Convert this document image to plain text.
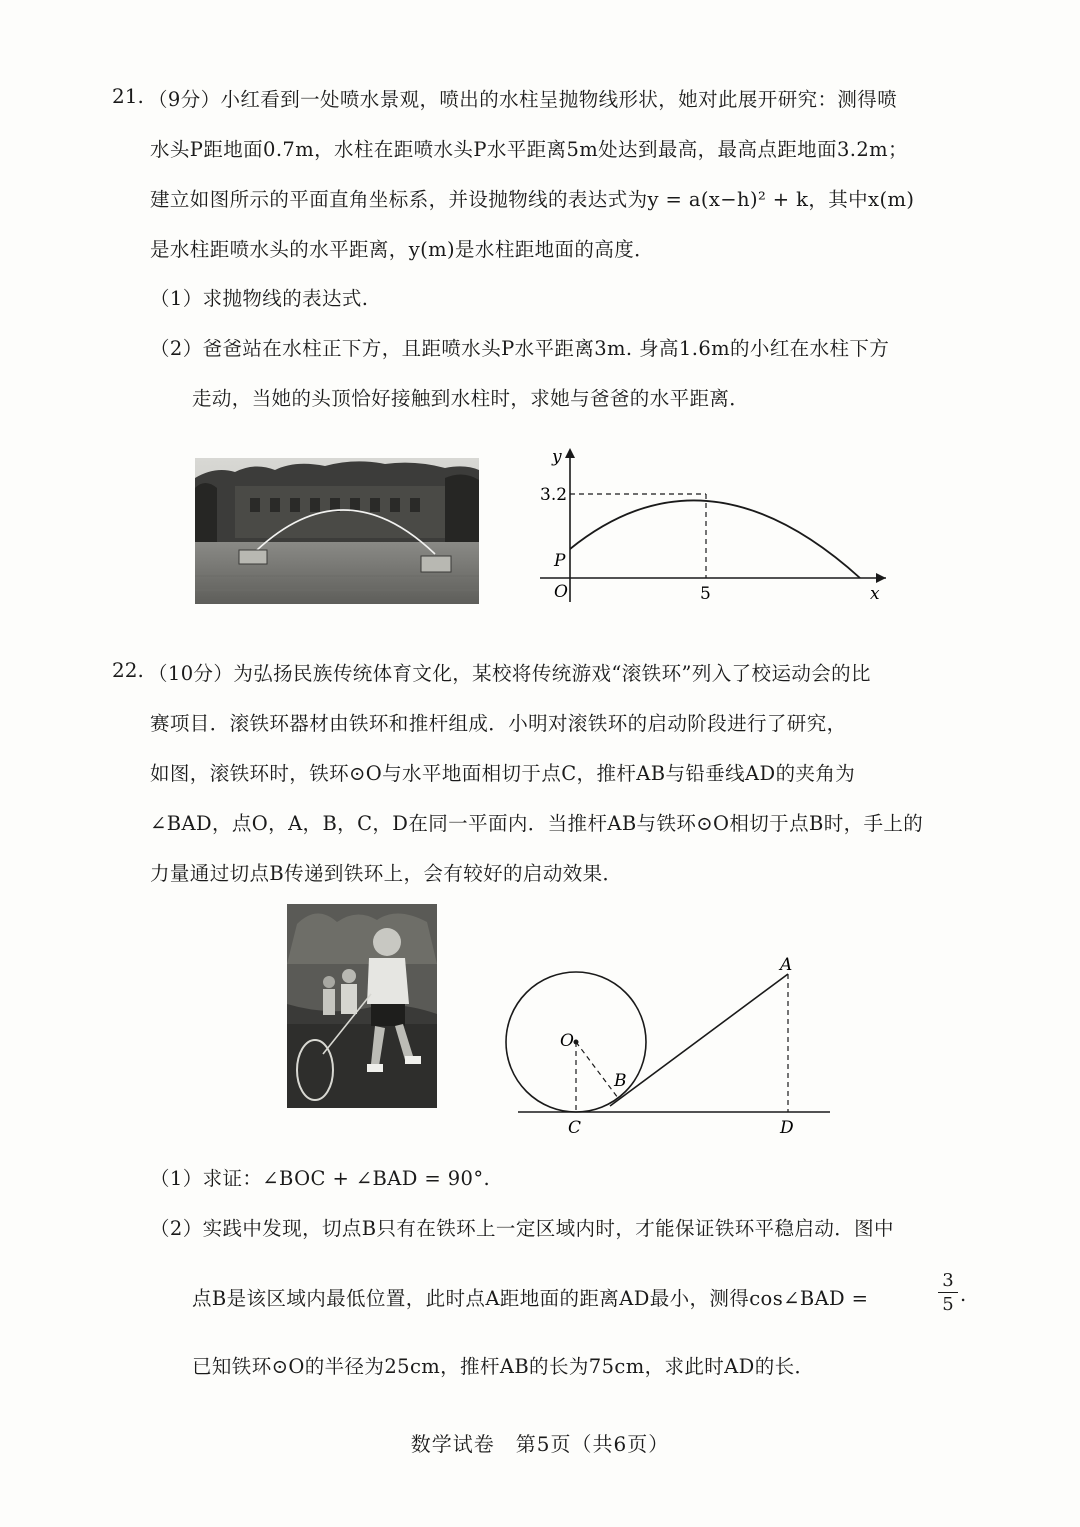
21. （9分）小红看到一处喷水景观，喷出的水柱呈抛物线形状，她对此展开研究：测得喷
水头P距地面0.7m，水柱在距喷水头P水平距离5m处达到最高，最高点距地面3.2m；
建立如图所示的平面直角坐标系，并设抛物线的表达式为y = a(x−h)² + k，其中x(m)
是水柱距喷水头的水平距离，y(m)是水柱距地面的高度．
（1）求抛物线的表达式.
（2）爸爸站在水柱正下方，且距喷水头P水平距离3m. 身高1.6m的小红在水柱下方
走动，当她的头顶恰好接触到水柱时，求她与爸爸的水平距离．
y
3.2
P
O	5	x
22. （10分）为弘扬民族传统体育文化，某校将传统游戏“滚铁环”列入了校运动会的比
赛项目．滚铁环器材由铁环和推杆组成．小明对滚铁环的启动阶段进行了研究，
如图，滚铁环时，铁环⊙O与水平地面相切于点C，推杆AB与铅垂线AD的夹角为
∠BAD，点O，A，B，C，D在同一平面内．当推杆AB与铁环⊙O相切于点B时，手上的
力量通过切点B传递到铁环上，会有较好的启动效果．
A
B
C	D
O
（1）求证：∠BOC + ∠BAD = 90°.
（2）实践中发现，切点B只有在铁环上一定区域内时，才能保证铁环平稳启动．图中
点B是该区域内最低位置，此时点A距地面的距离AD最小，测得cos∠BAD =
3
5 .
已知铁环⊙O的半径为25cm，推杆AB的长为75cm，求此时AD的长．
数学试卷　第5页（共6页）
